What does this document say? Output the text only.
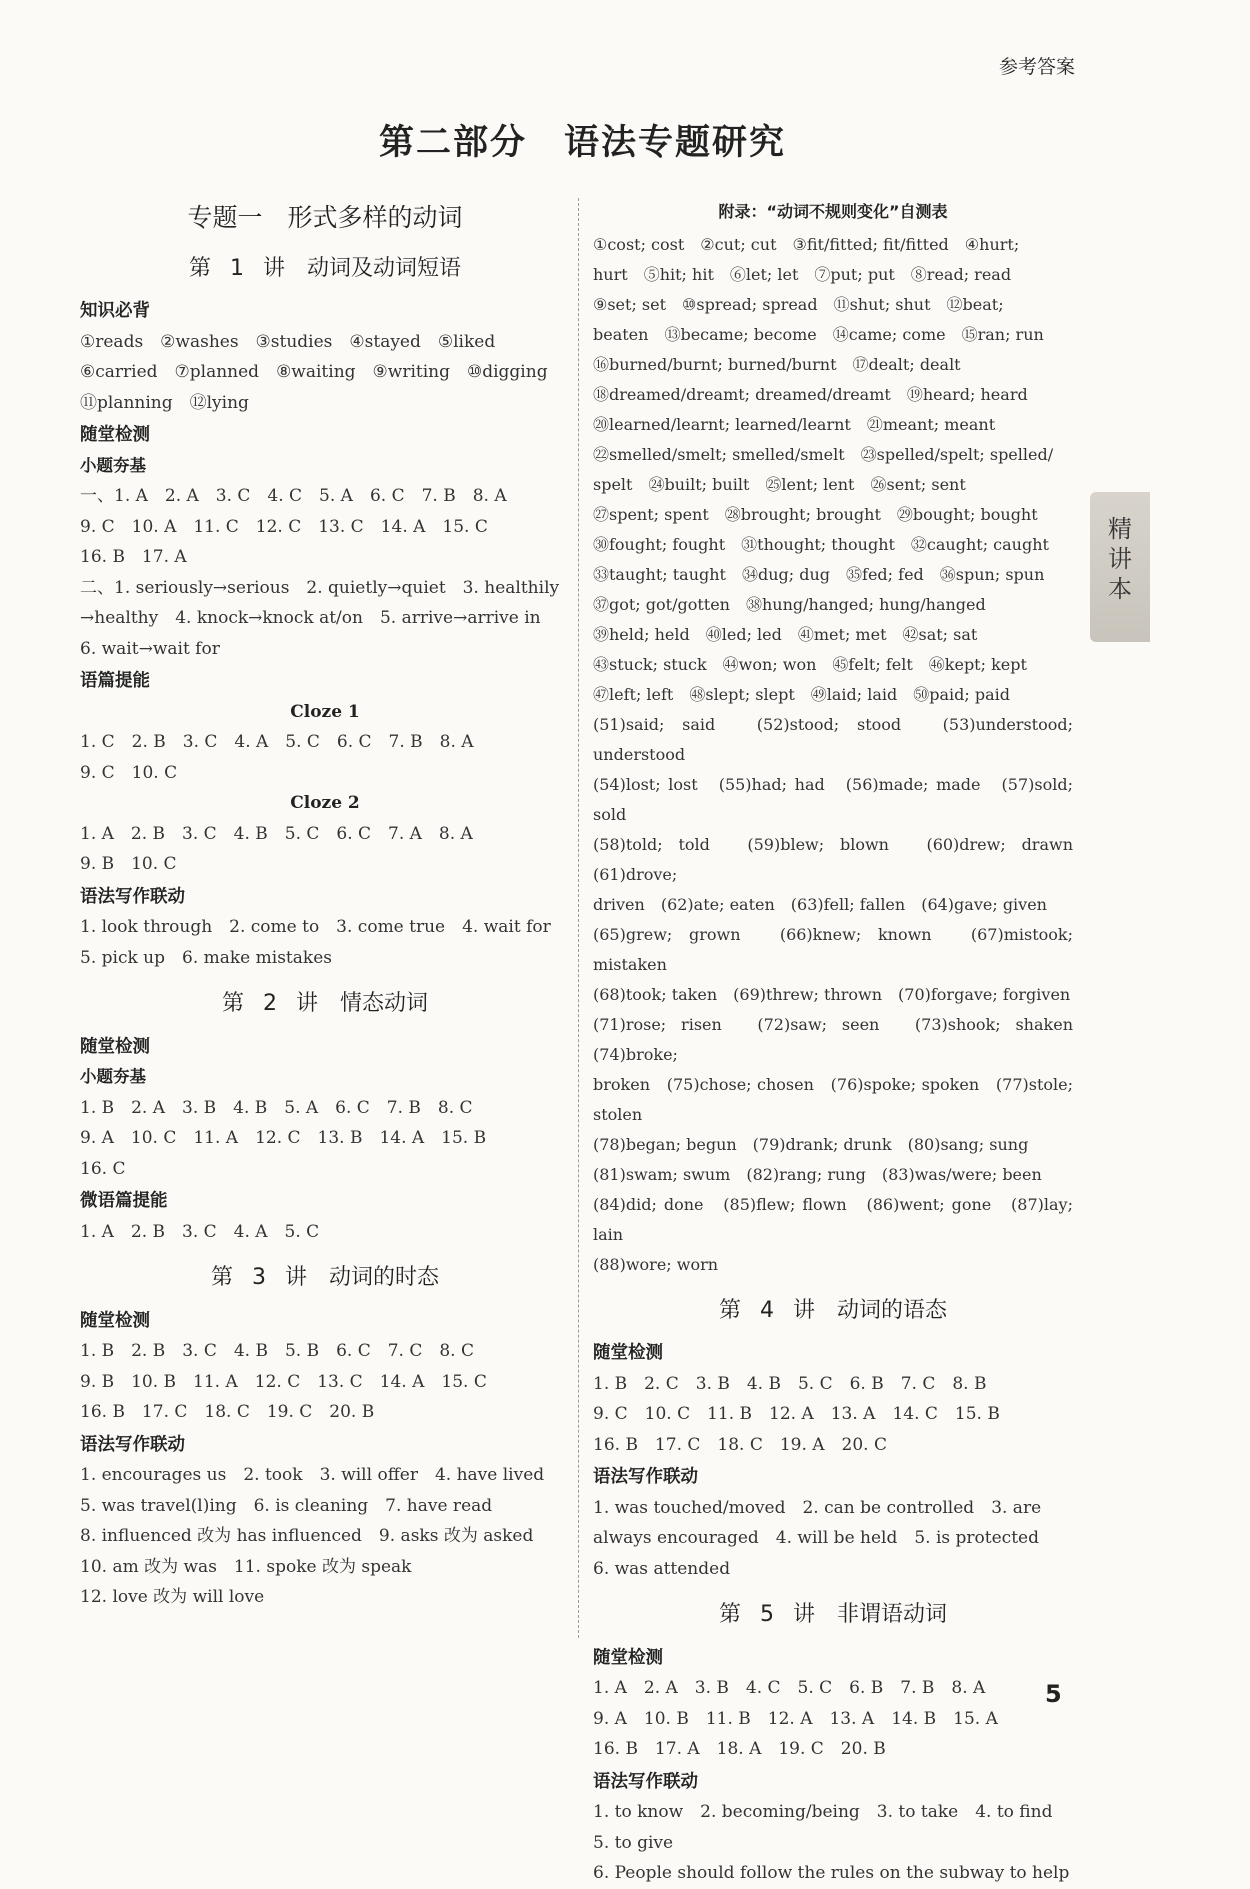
参考答案
第二部分　语法专题研究
专题一　形式多样的动词
第 1 讲　动词及动词短语
知识必背
①reads　②washes　③studies　④stayed　⑤liked
⑥carried　⑦planned　⑧waiting　⑨writing　⑩digging
⑪planning　⑫lying
随堂检测
小题夯基
一、1. A　2. A　3. C　4. C　5. A　6. C　7. B　8. A
9. C　10. A　11. C　12. C　13. C　14. A　15. C
16. B　17. A
二、1. seriously→serious　2. quietly→quiet　3. healthily
→healthy　4. knock→knock at/on　5. arrive→arrive in
6. wait→wait for
语篇提能
Cloze 1
1. C　2. B　3. C　4. A　5. C　6. C　7. B　8. A
9. C　10. C
Cloze 2
1. A　2. B　3. C　4. B　5. C　6. C　7. A　8. A
9. B　10. C
语法写作联动
1. look through　2. come to　3. come true　4. wait for
5. pick up　6. make mistakes
第 2 讲　情态动词
随堂检测
小题夯基
1. B　2. A　3. B　4. B　5. A　6. C　7. B　8. C
9. A　10. C　11. A　12. C　13. B　14. A　15. B
16. C
微语篇提能
1. A　2. B　3. C　4. A　5. C
第 3 讲　动词的时态
随堂检测
1. B　2. B　3. C　4. B　5. B　6. C　7. C　8. C
9. B　10. B　11. A　12. C　13. C　14. A　15. C
16. B　17. C　18. C　19. C　20. B
语法写作联动
1. encourages us　2. took　3. will offer　4. have lived
5. was travel(l)ing　6. is cleaning　7. have read
8. influenced 改为 has influenced　9. asks 改为 asked
10. am 改为 was　11. spoke 改为 speak
12. love 改为 will love
附录：“动词不规则变化”自测表
①cost; cost　②cut; cut　③fit/fitted; fit/fitted　④hurt;
hurt　⑤hit; hit　⑥let; let　⑦put; put　⑧read; read
⑨set; set　⑩spread; spread　⑪shut; shut　⑫beat;
beaten　⑬became; become　⑭came; come　⑮ran; run
⑯burned/burnt; burned/burnt　⑰dealt; dealt
⑱dreamed/dreamt; dreamed/dreamt　⑲heard; heard
⑳learned/learnt; learned/learnt　㉑meant; meant
㉒smelled/smelt; smelled/smelt　㉓spelled/spelt; spelled/
spelt　㉔built; built　㉕lent; lent　㉖sent; sent
㉗spent; spent　㉘brought; brought　㉙bought; bought
㉚fought; fought　㉛thought; thought　㉜caught; caught
㉝taught; taught　㉞dug; dug　㉟fed; fed　㊱spun; spun
㊲got; got/gotten　㊳hung/hanged; hung/hanged
㊴held; held　㊵led; led　㊶met; met　㊷sat; sat
㊸stuck; stuck　㊹won; won　㊺felt; felt　㊻kept; kept
㊼left; left　㊽slept; slept　㊾laid; laid　㊿paid; paid
(51)said; said　(52)stood; stood　(53)understood; understood
(54)lost; lost　(55)had; had　(56)made; made　(57)sold; sold
(58)told; told　(59)blew; blown　(60)drew; drawn　(61)drove;
driven　(62)ate; eaten　(63)fell; fallen　(64)gave; given
(65)grew; grown　(66)knew; known　(67)mistook; mistaken
(68)took; taken　(69)threw; thrown　(70)forgave; forgiven
(71)rose; risen　(72)saw; seen　(73)shook; shaken　(74)broke;
broken　(75)chose; chosen　(76)spoke; spoken　(77)stole; stolen
(78)began; begun　(79)drank; drunk　(80)sang; sung
(81)swam; swum　(82)rang; rung　(83)was/were; been
(84)did; done　(85)flew; flown　(86)went; gone　(87)lay; lain
(88)wore; worn
第 4 讲　动词的语态
随堂检测
1. B　2. C　3. B　4. B　5. C　6. B　7. C　8. B
9. C　10. C　11. B　12. A　13. A　14. C　15. B
16. B　17. C　18. C　19. A　20. C
语法写作联动
1. was touched/moved　2. can be controlled　3. are
always encouraged　4. will be held　5. is protected
6. was attended
第 5 讲　非谓语动词
随堂检测
1. A　2. A　3. B　4. C　5. C　6. B　7. B　8. A
9. A　10. B　11. B　12. A　13. A　14. B　15. A
16. B　17. A　18. A　19. C　20. B
语法写作联动
1. to know　2. becoming/being　3. to take　4. to find
5. to give
6. People should follow the rules on the subway to help
精
讲
本
5
